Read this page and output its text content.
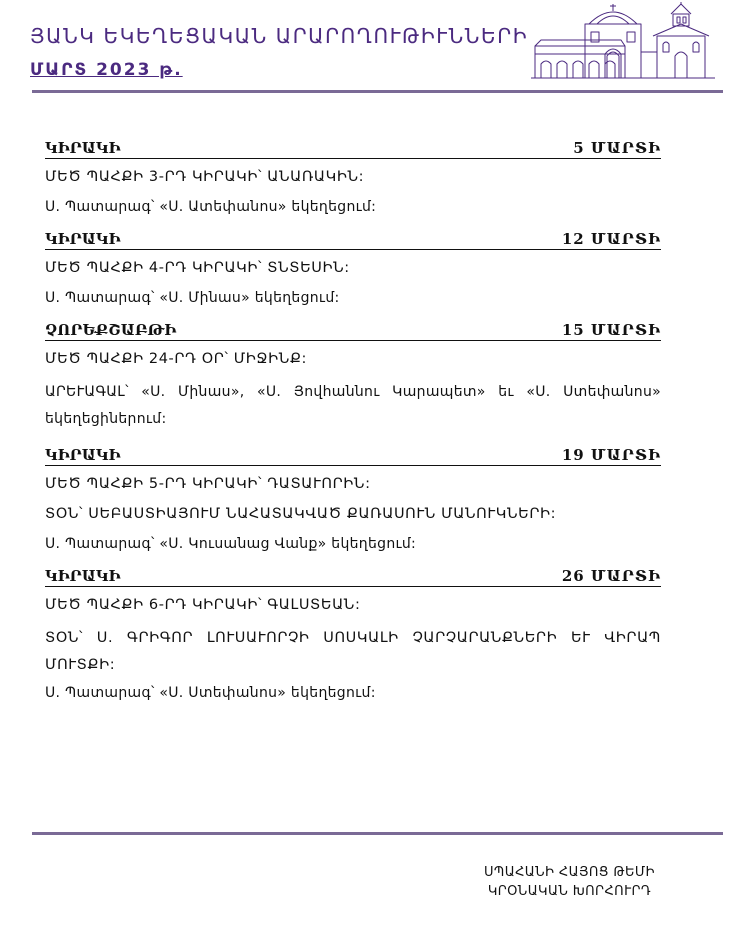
ՅԱՆԿ ԵԿԵՂԵՑԱԿԱՆ ԱՐԱՐՈՂՈՒԹԻՒՆՆԵՐԻ
ՄԱՐՏ 2023 թ.
ԿԻՐԱԿԻ	5 ՄԱՐՏԻ
ՄԵԾ ՊԱՀՔԻ 3-ՐԴ ԿԻՐԱԿԻ՝ ԱՆԱՌԱԿԻՆ:
Ս. Պատարագ՝ «Ս. Ատեփանոս» եկեղեցում:
ԿԻՐԱԿԻ	12 ՄԱՐՏԻ
ՄԵԾ ՊԱՀՔԻ 4-ՐԴ ԿԻՐԱԿԻ՝ ՏՆՏԵՍԻՆ:
Ս. Պատարագ՝ «Ս. Մինաս» եկեղեցում:
ՉՈՐԵՔՇԱԲԹԻ	15 ՄԱՐՏԻ
ՄԵԾ ՊԱՀՔԻ 24-ՐԴ ՕՐ՝ ՄԻՋԻՆՔ:
ԱՐԵՒԱԳԱԼ՝ «Ս. Մինաս», «Ս. Յովհաննու Կարապետ» եւ «Ս. Ստեփանոս» եկեղեցիներում:
ԿԻՐԱԿԻ	19 ՄԱՐՏԻ
ՄԵԾ ՊԱՀՔԻ 5-ՐԴ ԿԻՐԱԿԻ՝ ԴԱՏԱՒՈՐԻՆ:
ՏՕՆ՝ ՍԵԲԱՍՏԻԱՅՈՒՄ ՆԱՀԱՏԱԿՎԱԾ ՔԱՌԱՍՈՒՆ ՄԱՆՈՒԿՆԵՐԻ:
Ս. Պատարագ՝ «Ս. Կուսանաց Վանք» եկեղեցում:
ԿԻՐԱԿԻ	26 ՄԱՐՏԻ
ՄԵԾ ՊԱՀՔԻ 6-ՐԴ ԿԻՐԱԿԻ՝ ԳԱԼՍՏԵԱՆ:
ՏՕՆ՝ Ս. ԳՐԻԳՈՐ ԼՈՒՍԱՒՈՐՉԻ ՍՈՍԿԱԼԻ ՉԱՐՉԱՐԱՆՔՆԵՐԻ ԵՒ ՎԻՐԱՊ ՄՈՒՏՔԻ:
Ս. Պատարագ՝ «Ս. Ստեփանոս» եկեղեցում:
ՍՊԱՀԱՆԻ ՀԱՅՈՑ ԹԵՄԻ
ԿՐՕՆԱԿԱՆ ԽՈՐՀՈՒՐԴ
